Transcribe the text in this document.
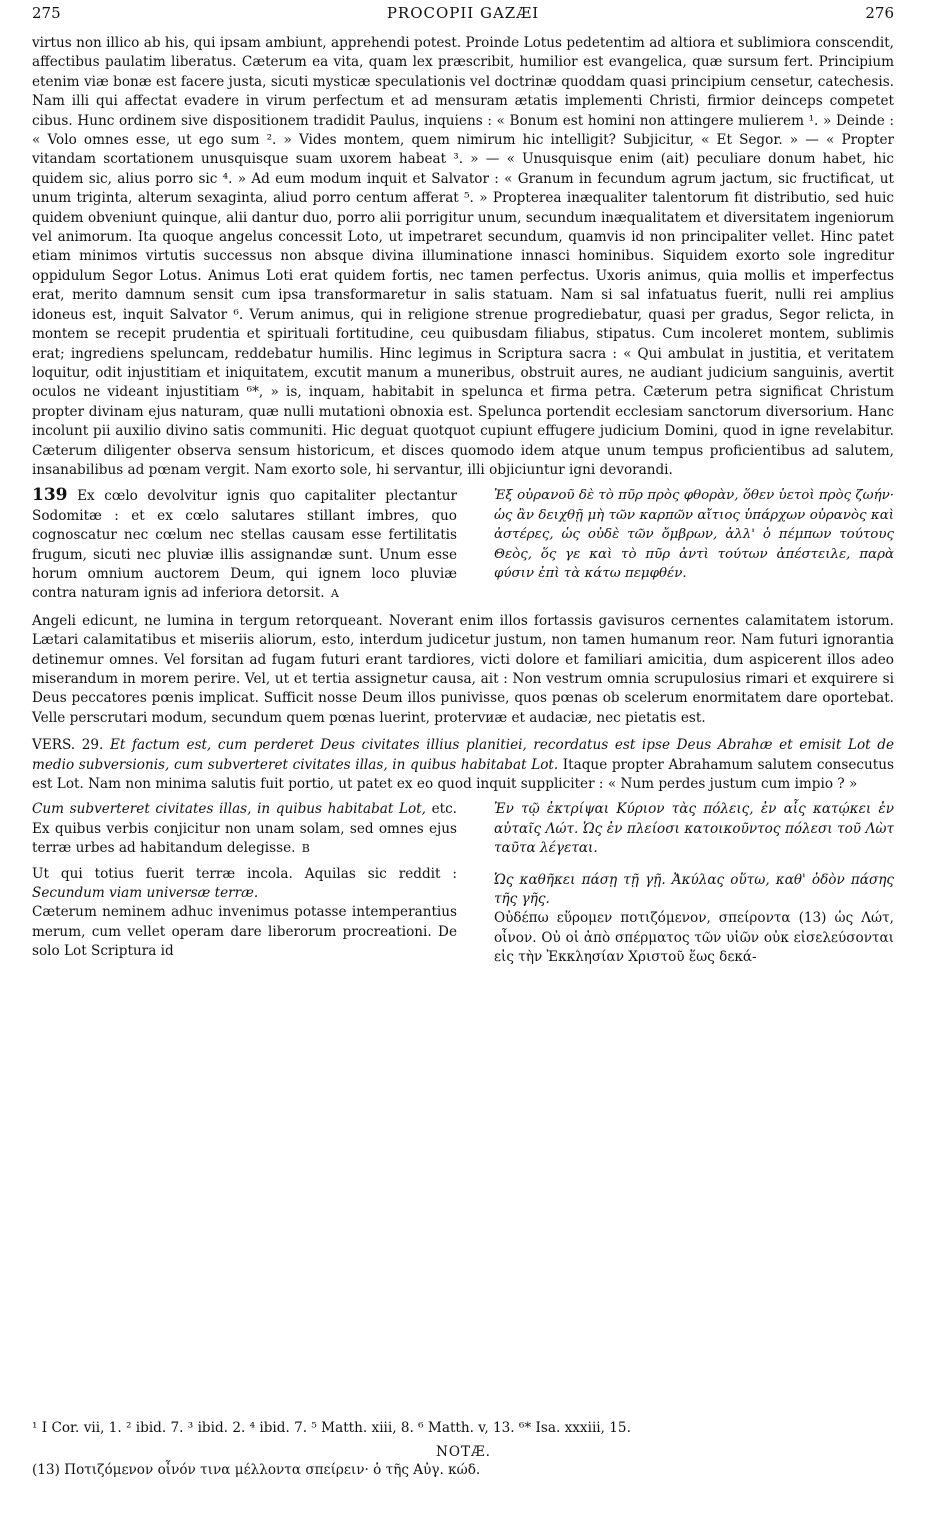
275	PROCOPII GAZÆI	276

virtus non illico ab his, qui ipsam ambiunt, apprehendi potest. Proinde Lotus pedetentim ad altiora et sublimiora conscendit, affectibus paulatim liberatus. Cæterum ea vita, quam lex præscribit, humilior est evangelica, quæ sursum fert. Principium etenim viæ bonæ est facere justa, sicuti mysticæ speculationis vel doctrinæ quoddam quasi principium censetur, catechesis. Nam illi qui affectat evadere in virum perfectum et ad mensuram ætatis implementi Christi, firmior deinceps competet cibus. Hunc ordinem sive dispositionem tradidit Paulus, inquiens : « Bonum est homini non attingere mulierem ¹. » Deinde : « Volo omnes esse, ut ego sum ². » Vides montem, quem nimirum hic intelligit? Subjicitur, « Et Segor. » — « Propter vitandam scortationem unusquisque suam uxorem habeat ³. » — « Unusquisque enim (ait) peculiare donum habet, hic quidem sic, alius porro sic ⁴. » Ad eum modum inquit et Salvator : « Granum in fecundum agrum jactum, sic fructificat, ut unum triginta, alterum sexaginta, aliud porro centum afferat ⁵. » Propterea inæqualiter talentorum fit distributio, sed huic quidem obveniunt quinque, alii dantur duo, porro alii porrigitur unum, secundum inæqualitatem et diversitatem ingeniorum vel animorum. Ita quoque angelus concessit Loto, ut impetraret secundum, quamvis id non principaliter vellet. Hinc patet etiam minimos virtutis successus non absque divina illuminatione innasci hominibus. Siquidem exorto sole ingreditur oppidulum Segor Lotus. Animus Loti erat quidem fortis, nec tamen perfectus. Uxoris animus, quia mollis et imperfectus erat, merito damnum sensit cum ipsa transformaretur in salis statuam. Nam si sal infatuatus fuerit, nulli rei amplius idoneus est, inquit Salvator ⁶. Verum animus, qui in religione strenue progrediebatur, quasi per gradus, Segor relicta, in montem se recepit prudentia et spirituali fortitudine, ceu quibusdam filiabus, stipatus. Cum incoleret montem, sublimis erat; ingrediens speluncam, reddebatur humilis. Hinc legimus in Scriptura sacra : « Qui ambulat in justitia, et veritatem loquitur, odit injustitiam et iniquitatem, excutit manum a muneribus, obstruit aures, ne audiant judicium sanguinis, avertit oculos ne videant injustitiam ⁶*, » is, inquam, habitabit in spelunca et firma petra. Cæterum petra significat Christum propter divinam ejus naturam, quæ nulli mutationi obnoxia est. Spelunca portendit ecclesiam sanctorum diversorium. Hanc incolunt pii auxilio divino satis communiti. Hic deguat quotquot cupiunt effugere judicium Domini, quod in igne revelabitur. Cæterum diligenter observa sensum historicum, et disces quomodo idem atque unum tempus proficientibus ad salutem, insanabilibus ad pœnam vergit. Nam exorto sole, hi servantur, illi objiciuntur igni devorandi.

139 Ex cœlo devolvitur ignis quo capitaliter plectantur Sodomitæ : et ex cœlo salutares stillant imbres, quo cognoscatur nec cœlum nec stellas causam esse fertilitatis frugum, sicuti nec pluviæ illis assignandæ sunt. Unum esse horum omnium auctorem Deum, qui ignem loco pluviæ contra naturam ignis ad inferiora detorsit. $^A$

Ἐξ οὐρανοῦ δὲ τὸ πῦρ πρὸς φθορὰν, ὅθεν ὑετοὶ πρὸς ζωήν· ὡς ἂν δειχθῇ μὴ τῶν καρπῶν αἴτιος ὑπάρχων οὐρανὸς καὶ ἀστέρες, ὡς οὐδὲ τῶν ὄμβρων, ἀλλ' ὁ πέμπων τούτους Θεὸς, ὅς γε καὶ τὸ πῦρ ἀντὶ τούτων ἀπέστειλε, παρὰ φύσιν ἐπὶ τὰ κάτω πεμφθέν.

Angeli edicunt, ne lumina in tergum retorqueant. Noverant enim illos fortassis gavisuros cernentes calamitatem istorum. Lætari calamitatibus et miseriis aliorum, esto, interdum judicetur justum, non tamen humanum reor. Nam futuri ignorantia detinemur omnes. Vel forsitan ad fugam futuri erant tardiores, victi dolore et familiari amicitia, dum aspicerent illos adeo miserandum in morem perire. Vel, ut et tertia assignetur causa, ait : Non vestrum omnia scrupulosius rimari et exquirere si Deus peccatores pœnis implicat. Sufficit nosse Deum illos punivisse, quos pœnas ob scelerum enormitatem dare oportebat. Velle perscrutari modum, secundum quem pœnas luerint, protervиæ et audaciæ, nec pietatis est.

VERS. 29. Et factum est, cum perderet Deus civitates illius planitiei, recordatus est ipse Deus Abrahæ et emisit Lot de medio subversionis, cum subverteret civitates illas, in quibus habitabat Lot. Itaque propter Abrahamum salutem consecutus est Lot. Nam non minima salutis fuit portio, ut patet ex eo quod inquit suppliciter : « Num perdes justum cum impio ? »

Cum subverteret civitates illas, in quibus habitabat Lot, etc. Ex quibus verbis conjicitur non unam solam, sed omnes ejus terræ urbes ad habitandum delegisse. $^B$

Ut qui totius fuerit terræ incola. Aquilas sic reddit : Secundum viam universæ terræ.

Cæterum neminem adhuc invenimus potasse intemperantius merum, cum vellet operam dare liberorum procreationi. De solo Lot Scriptura id

Ἐν τῷ ἐκτρίψαι Κύριον τὰς πόλεις, ἐν αἷς κατῴκει ἐν αὐταῖς Λώτ. Ὡς ἐν πλείοσι κατοικοῦντος πόλεσι τοῦ Λὼτ ταῦτα λέγεται.

Ὡς καθῆκει πάσῃ τῇ γῇ. Ἀκύλας οὕτω, καθ' ὁδὸν πάσης τῆς γῆς.

Οὐδέπω εὕρομεν ποτιζόμενον, σπείροντα (13) ὡς Λώτ, οἶνον. Οὐ οἱ ἀπὸ σπέρματος τῶν υἱῶν οὐκ εἰσελεύσονται εἰς τὴν Ἐκκλησίαν Χριστοῦ ἕως δεκά-

¹ I Cor. vii, 1. ² ibid. 7. ³ ibid. 2. ⁴ ibid. 7. ⁵ Matth. xiii, 8. ⁶ Matth. v, 13. ⁶* Isa. xxxiii, 15.
NOTÆ.
(13) Ποτιζόμενον οἶνόν τινα μέλλοντα σπείρειν· ὁ τῆς Αὐγ. κώδ.
